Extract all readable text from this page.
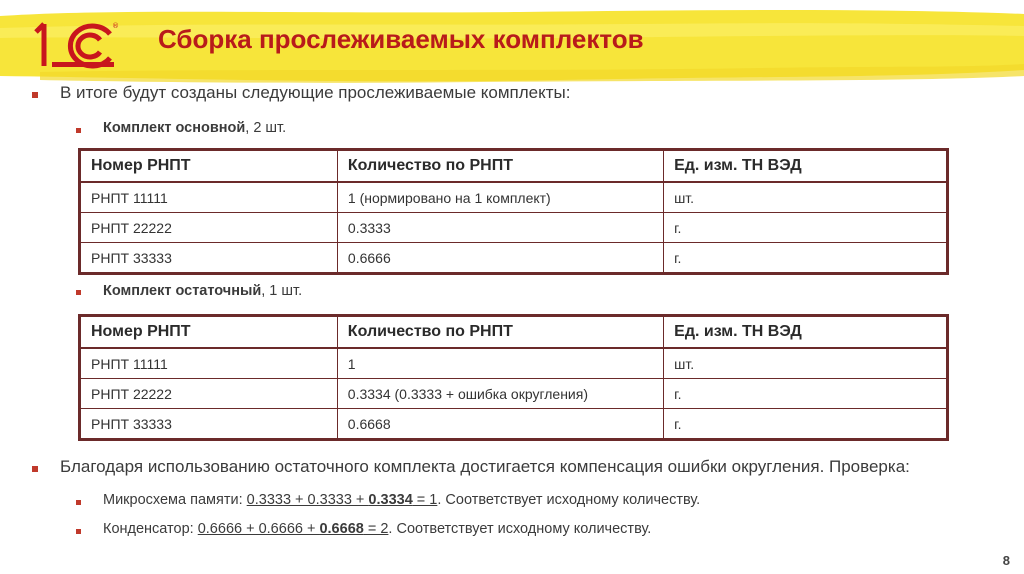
® Сборка прослеживаемых комплектов
В итоге будут созданы следующие прослеживаемые комплекты:
Комплект основной, 2 шт.
Номер РНПТ	Количество по РНПТ	Ед. изм. ТН ВЭД
РНПТ 11111	1 (нормировано на 1 комплект)	шт.
РНПТ 22222	0.3333	г.
РНПТ 33333	0.6666	г.
Комплект остаточный, 1 шт.
Номер РНПТ	Количество по РНПТ	Ед. изм. ТН ВЭД
РНПТ 11111	1	шт.
РНПТ 22222	0.3334 (0.3333 + ошибка округления)	г.
РНПТ 33333	0.6668	г.
Благодаря использованию остаточного комплекта достигается компенсация ошибки округления. Проверка:
Микросхема памяти: 0.3333 + 0.3333 + 0.3334 = 1. Соответствует исходному количеству.
Конденсатор: 0.6666 + 0.6666 + 0.6668 = 2. Соответствует исходному количеству.
8
